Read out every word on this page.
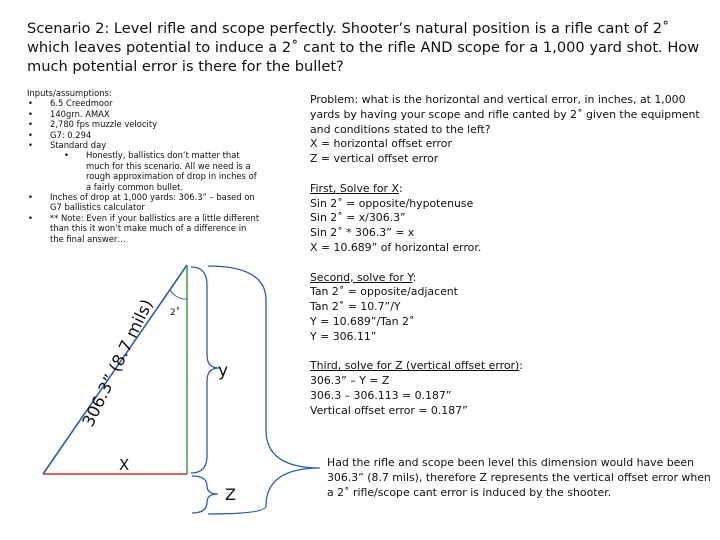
Scenario 2: Level rifle and scope perfectly. Shooter’s natural position is a rifle cant of 2˚ which leaves potential to induce a 2˚ cant to the rifle AND scope for a 1,000 yard shot. How much potential error is there for the bullet?
Inputs/assumptions:
• 6.5 Creedmoor
• 140grn. AMAX
• 2,780 fps muzzle velocity
• G7: 0.294
• Standard day
• Honestly, ballistics don’t matter that much for this scenario. All we need is a rough approximation of drop in inches of a fairly common bullet.
• Inches of drop at 1,000 yards: 306.3” – based on G7 ballistics calculator
• ** Note: Even if your ballistics are a little different than this it won’t make much of a difference in the final answer…

Problem: what is the horizontal and vertical error, in inches, at 1,000 yards by having your scope and rifle canted by 2˚ given the equipment and conditions stated to the left?

X = horizontal offset error

Z = vertical offset error

First, Solve for X:

Sin 2˚ = opposite/hypotenuse

Sin 2˚ = x/306.3”

Sin 2˚ * 306.3” = x

X = 10.689” of horizontal error.

Second, solve for Y:

Tan 2˚ = opposite/adjacent

Tan 2˚ = 10.7”/Y

Y = 10.689”/Tan 2˚

Y = 306.11”

Third, solve for Z (vertical offset error):

306.3” – Y = Z

306.3 – 306.113 = 0.187”

Vertical offset error = 0.187”

2˚
306.3” (8.7 mils)	y
X
Z
Had the rifle and scope been level this dimension would have been 306.3” (8.7 mils), therefore Z represents the vertical offset error when a 2˚ rifle/scope cant error is induced by the shooter.
